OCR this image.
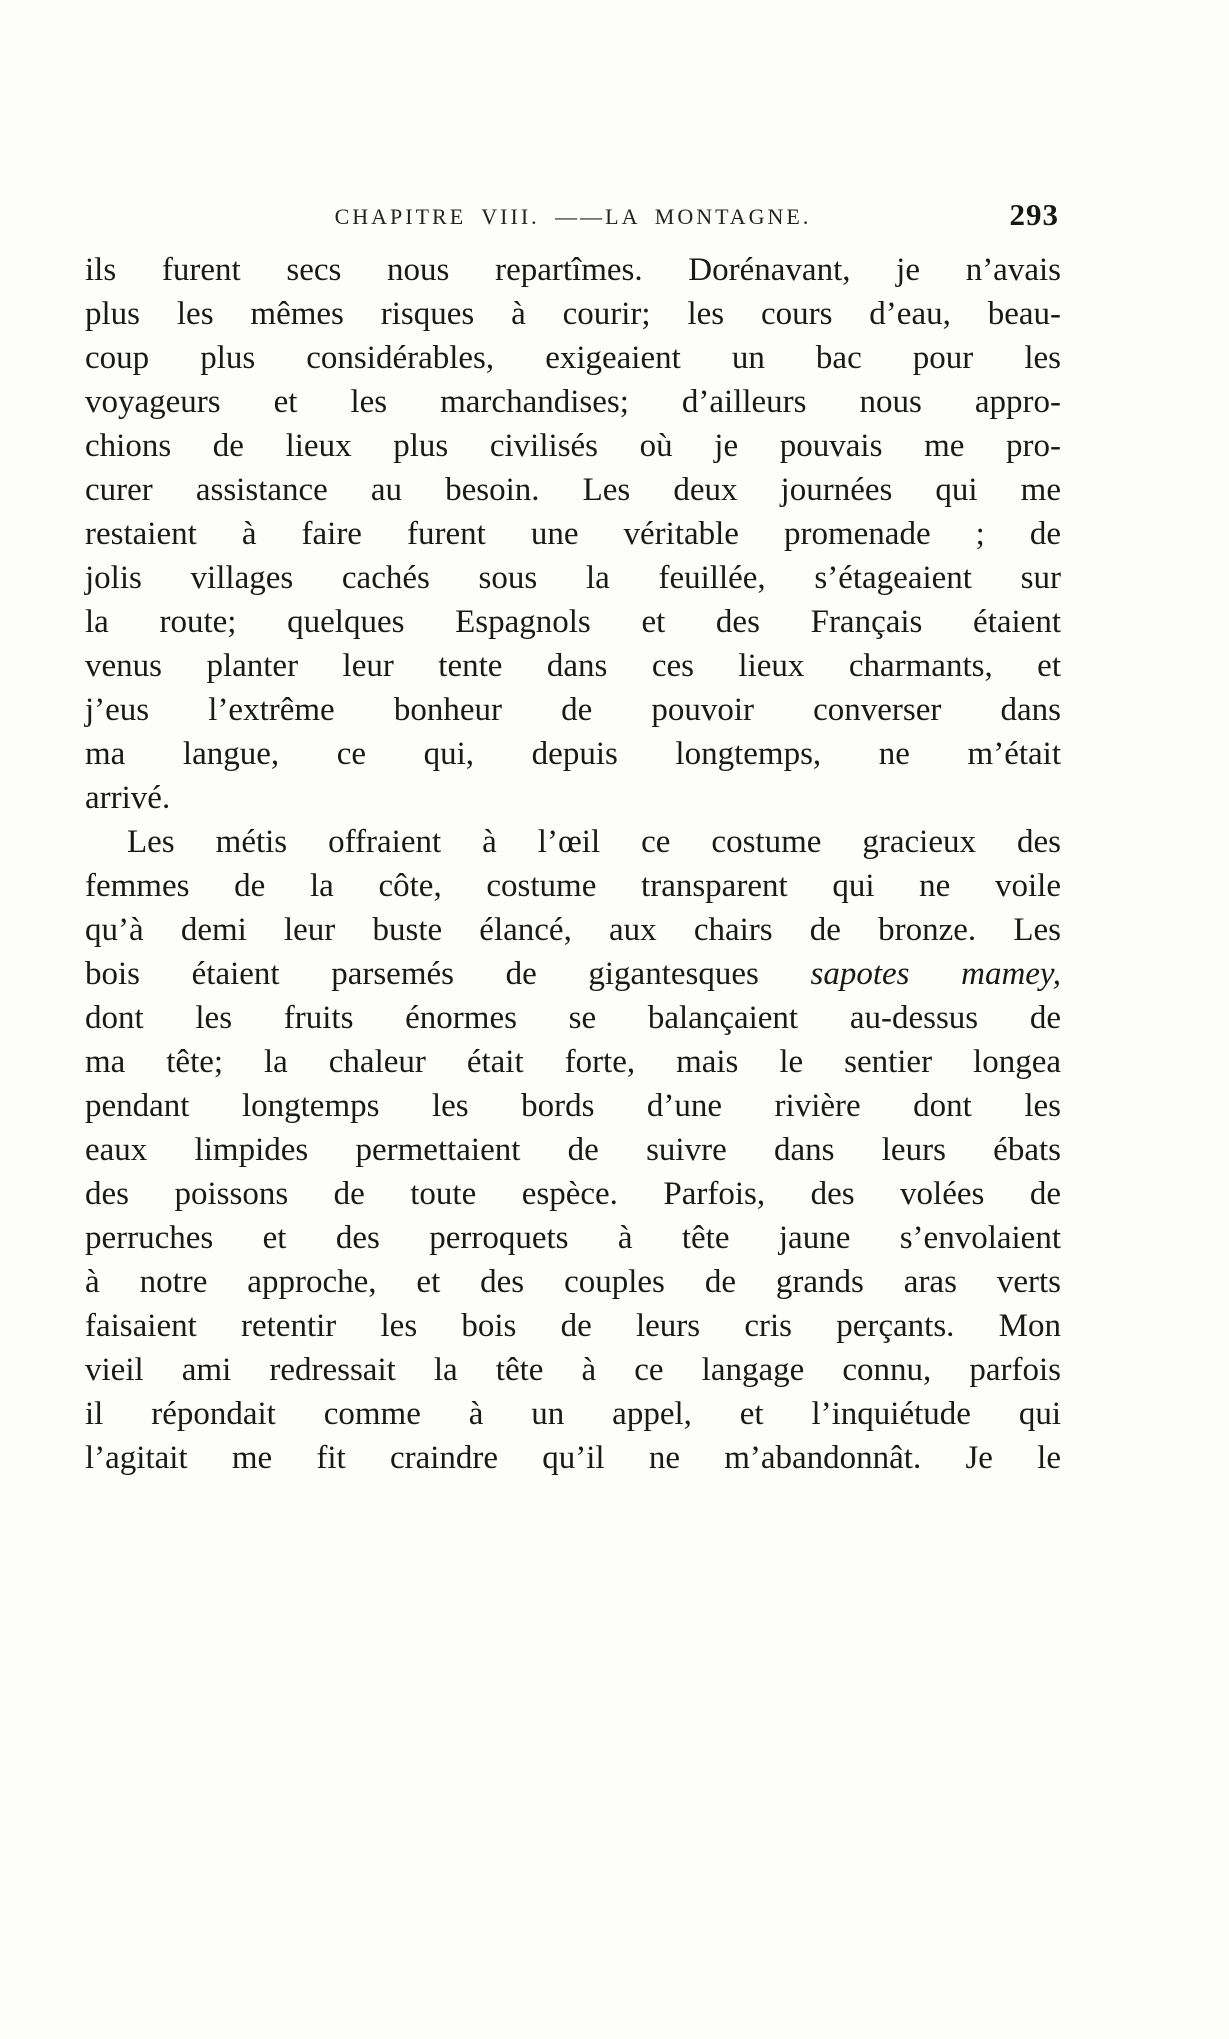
CHAPITRE VIII. ——LA MONTAGNE.	293
ils furent secs nous repartîmes. Dorénavant, je n’avais
plus les mêmes risques à courir; les cours d’eau, beau-
coup plus considérables, exigeaient un bac pour les
voyageurs et les marchandises; d’ailleurs nous appro-
chions de lieux plus civilisés où je pouvais me pro-
curer assistance au besoin. Les deux journées qui me
restaient à faire furent une véritable promenade ; de
jolis villages cachés sous la feuillée, s’étageaient sur
la route; quelques Espagnols et des Français étaient
venus planter leur tente dans ces lieux charmants, et
j’eus l’extrême bonheur de pouvoir converser dans
ma langue, ce qui, depuis longtemps, ne m’était
arrivé.
Les métis offraient à l’œil ce costume gracieux des
femmes de la côte, costume transparent qui ne voile
qu’à demi leur buste élancé, aux chairs de bronze. Les
bois étaient parsemés de gigantesques sapotes mamey,
dont les fruits énormes se balançaient au-dessus de
ma tête; la chaleur était forte, mais le sentier longea
pendant longtemps les bords d’une rivière dont les
eaux limpides permettaient de suivre dans leurs ébats
des poissons de toute espèce. Parfois, des volées de
perruches et des perroquets à tête jaune s’envolaient
à notre approche, et des couples de grands aras verts
faisaient retentir les bois de leurs cris perçants. Mon
vieil ami redressait la tête à ce langage connu, parfois
il répondait comme à un appel, et l’inquiétude qui
l’agitait me fit craindre qu’il ne m’abandonnât. Je le
